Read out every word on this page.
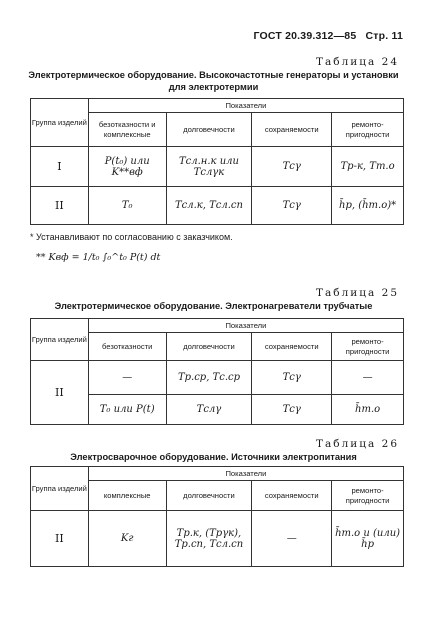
ГОСТ 20.39.312—85 Стр. 11
Таблица 24
Электротермическое оборудование. Высокочастотные генераторы и установки
для электротермии
Группа изделий	Показатели			
	безотказности и комплексные	долговечности	сохраняемости	ремонто-пригодности
I	P(t₀) или K**вф	Tсл.н.к или Tслγк	Tсγ	Tр-к, Tт.о
II	T₀	Tсл.к, Tсл.сп	Tсγ	h̄р, (h̄т.о)*
* Устанавливают по согласованию с заказчиком.
** Kвф = 1/t₀ ∫₀^t₀ P(t) dt
Таблица 25
Электротермическое оборудование. Электронагреватели трубчатые
Группа изделий	Показатели			
	безотказности	долговечности	сохраняемости	ремонто-пригодности
II	—	Tр.ср, Tс.ср	Tсγ	—
	T₀ или P(t)	Tслγ	Tсγ	h̄т.о
Таблица 26
Электросварочное оборудование. Источники электропитания
Группа изделий	Показатели			
	комплексные	долговечности	сохраняемости	ремонто-пригодности
II	Kг	Tр.к, (Tрγк), Tр.сп, Tсл.сп	—	h̄т.о и (или) h̄р
